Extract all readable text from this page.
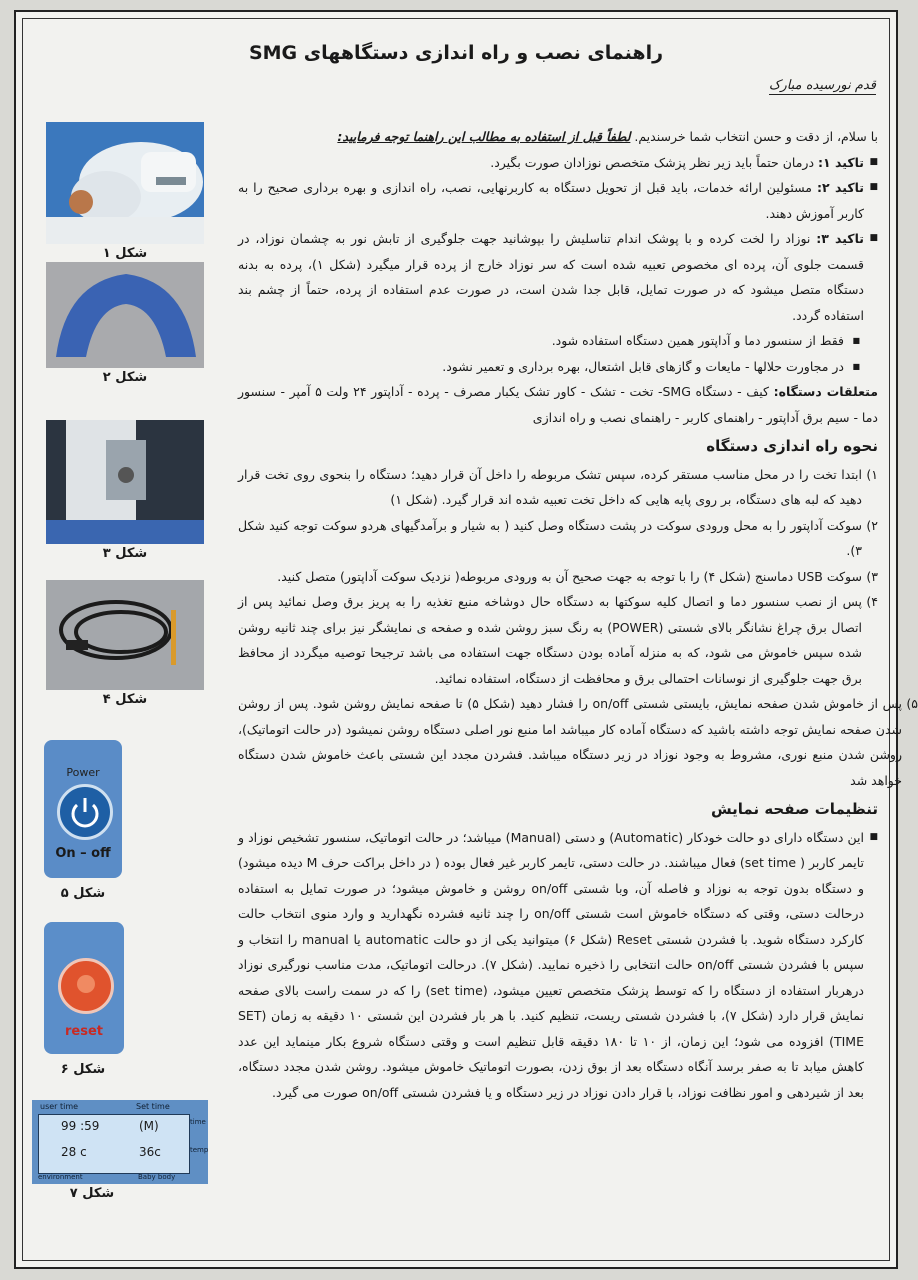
راهنمای نصب و راه اندازی دستگاههای SMG
قدم نورسیده مبارک
شکل ۱
شکل ۲
شکل ۳
شکل ۴
Power
On – off
شکل ۵
reset
شکل ۶
user time	Set time
99 :59	(M)
28 c	36c
time
temp
environment	Baby body
شکل ۷

با سلام، از دقت و حسن انتخاب شما خرسندیم. لطفاً قبل از استفاده به مطالب این راهنما توجه فرمایید:

■ تاکید ۱: درمان حتماً باید زیر نظر پزشک متخصص نوزادان صورت بگیرد.

■ تاکید ۲: مسئولین ارائه خدمات، باید قبل از تحویل دستگاه به کاربرنهایی، نصب، راه اندازی و بهره برداری صحیح را به کاربر آموزش دهند.

■ تاکید ۳: نوزاد را لخت کرده و با پوشک اندام تناسلیش را بپوشانید جهت جلوگیری از تابش نور به چشمان نوزاد، در قسمت جلوی آن، پرده ای مخصوص تعبیه شده است که سر نوزاد خارج از پرده قرار میگیرد (شکل ۱)، پرده به بدنه دستگاه متصل میشود که در صورت تمایل، قابل جدا شدن است، در صورت عدم استفاده از پرده، حتماً از چشم بند استفاده گردد.

■ فقط از سنسور دما و آداپتور همین دستگاه استفاده شود.

■ در مجاورت حلالها - مایعات و گازهای قابل اشتعال، بهره برداری و تعمیر نشود.

متعلقات دستگاه: کیف - دستگاه SMG- تخت - تشک - کاور تشک یکبار مصرف - پرده - آداپتور ۲۴ ولت ۵ آمپر - سنسور دما - سیم برق آداپتور - راهنمای کاربر - راهنمای نصب و راه اندازی

نحوه راه اندازی دستگاه

۱)
ابتدا تخت را در محل مناسب مستقر کرده، سپس تشک مربوطه را داخل آن قرار دهید؛ دستگاه را بنحوی روی تخت قرار دهید که لبه های دستگاه، بر روی پایه هایی که داخل تخت تعبیه شده اند قرار گیرد. (شکل ۱)

۲)
سوکت آداپتور را به محل ورودی سوکت در پشت دستگاه وصل کنید ( به شیار و برآمدگیهای هردو سوکت توجه کنید شکل ۳).

۳)
سوکت USB دماسنج (شکل ۴) را با توجه به جهت صحیح آن به ورودی مربوطه( نزدیک سوکت آداپتور) متصل کنید.

۴)
پس از نصب سنسور دما و اتصال کلیه سوکتها به دستگاه حال دوشاخه منبع تغذیه را به پریز برق وصل نمائید پس از اتصال برق چراغ نشانگر بالای شستی (POWER) به رنگ سبز روشن شده و صفحه ی نمایشگر نیز برای چند ثانیه روشن شده سپس خاموش می شود، که به منزله آماده بودن دستگاه جهت استفاده می باشد ترجیحا توصیه میگردد از محافظ برق جهت جلوگیری از نوسانات احتمالی برق و محافظت از دستگاه، استفاده نمائید.

۵)
پس از خاموش شدن صفحه نمایش، بایستی شستی on/off را فشار دهید (شکل ۵) تا صفحه نمایش روشن شود. پس از روشن شدن صفحه نمایش توجه داشته باشید که دستگاه آماده کار میباشد اما منبع نور اصلی دستگاه روشن نمیشود (در حالت اتوماتیک)، روشن شدن منبع نوری، مشروط به وجود نوزاد در زیر دستگاه میباشد. فشردن مجدد این شستی باعث خاموش شدن دستگاه خواهد شد

تنظیمات صفحه نمایش

■ این دستگاه دارای دو حالت خودکار (Automatic) و دستی (Manual) میباشد؛ در حالت اتوماتیک، سنسور تشخیص نوزاد و تایمر کاربر ( set time) فعال میباشند. در حالت دستی، تایمر کاربر غیر فعال بوده ( در داخل براکت حرف M دیده میشود) و دستگاه بدون توجه به نوزاد و فاصله آن، وبا شستی on/off روشن و خاموش میشود؛ در صورت تمایل به استفاده درحالت دستی، وقتی که دستگاه خاموش است شستی on/off را چند ثانیه فشرده نگهدارید و وارد منوی انتخاب حالت کارکرد دستگاه شوید. با فشردن شستی Reset (شکل ۶) میتوانید یکی از دو حالت automatic یا manual را انتخاب و سپس با فشردن شستی on/off حالت انتخابی را ذخیره نمایید. (شکل ۷). درحالت اتوماتیک، مدت مناسب نورگیری نوزاد درهربار استفاده از دستگاه را که توسط پزشک متخصص تعیین میشود، (set time) را که در سمت راست بالای صفحه نمایش قرار دارد (شکل ۷)، با فشردن شستی ریست، تنظیم کنید. با هر بار فشردن این شستی ۱۰ دقیقه به زمان (SET TIME) افزوده می شود؛ این زمان، از ۱۰ تا ۱۸۰ دقیقه قابل تنظیم است و وقتی دستگاه شروع بکار مینماید این عدد کاهش میابد تا به صفر برسد آنگاه دستگاه بعد از بوق زدن، بصورت اتوماتیک خاموش میشود. روشن شدن مجدد دستگاه، بعد از شیردهی و امور نظافت نوزاد، با قرار دادن نوزاد در زیر دستگاه و یا فشردن شستی on/off صورت می گیرد.
